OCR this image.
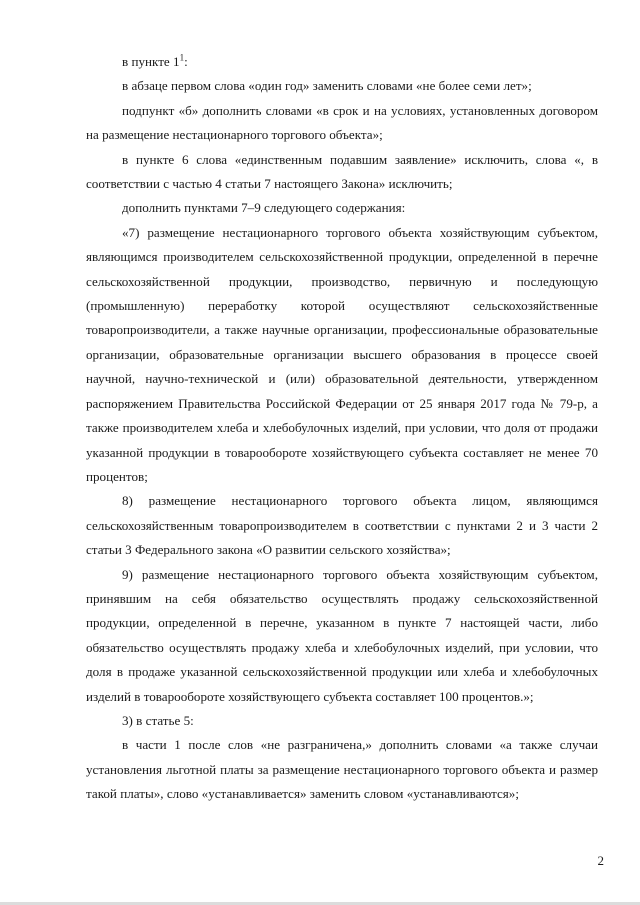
в пункте $1^1$:

в абзаце первом слова «один год» заменить словами «не более семи лет»;

подпункт «б» дополнить словами «в срок и на условиях, установленных договором на размещение нестационарного торгового объекта»;

в пункте 6 слова «единственным подавшим заявление» исключить, слова «, в соответствии с частью 4 статьи 7 настоящего Закона» исключить;

дополнить пунктами 7–9 следующего содержания:

«7) размещение нестационарного торгового объекта хозяйствующим субъектом, являющимся производителем сельскохозяйственной продукции, определенной в перечне сельскохозяйственной продукции, производство, первичную и последующую (промышленную) переработку которой осуществляют сельскохозяйственные товаропроизводители, а также научные организации, профессиональные образовательные организации, образовательные организации высшего образования в процессе своей научной, научно-технической и (или) образовательной деятельности, утвержденном распоряжением Правительства Российской Федерации от 25 января 2017 года № 79-р, а также производителем хлеба и хлебобулочных изделий, при условии, что доля от продажи указанной продукции в товарообороте хозяйствующего субъекта составляет не менее 70 процентов;

8) размещение нестационарного торгового объекта лицом, являющимся сельскохозяйственным товаропроизводителем в соответствии с пунктами 2 и 3 части 2 статьи 3 Федерального закона «О развитии сельского хозяйства»;

9) размещение нестационарного торгового объекта хозяйствующим субъектом, принявшим на себя обязательство осуществлять продажу сельскохозяйственной продукции, определенной в перечне, указанном в пункте 7 настоящей части, либо обязательство осуществлять продажу хлеба и хлебобулочных изделий, при условии, что доля в продаже указанной сельскохозяйственной продукции или хлеба и хлебобулочных изделий в товарообороте хозяйствующего субъекта составляет 100 процентов.»;

3) в статье 5:

в части 1 после слов «не разграничена,» дополнить словами «а также случаи установления льготной платы за размещение нестационарного торгового объекта и размер такой платы», слово «устанавливается» заменить словом «устанавливаются»;

2
